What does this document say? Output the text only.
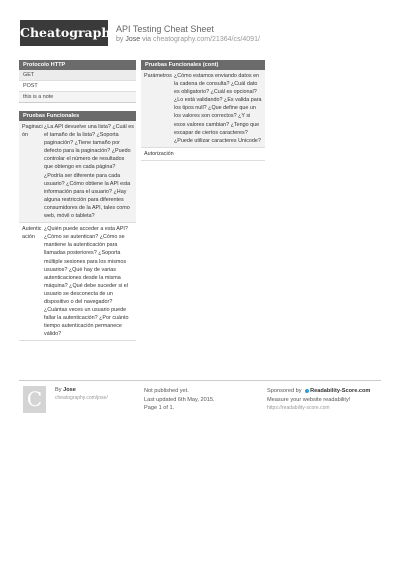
Cheatography
API Testing Cheat Sheet
by Jose via cheatography.com/21364/cs/4091/
Protocolo HTTP
GET
POST
this is a note
Pruebas Funcionales
Paginación
¿La API devuelve una lista? ¿Cuál es el tamaño de la lista? ¿Soporta paginación? ¿Tiene tamaño por defecto para la paginación? ¿Puedo controlar el número de resultados que obtengo en cada página? ¿Podría ser diferente para cada usuario? ¿Cómo obtiene la API esta información para el usuario? ¿Hay alguna restricción para diferentes consumidores de la API, tales como web, móvil o tableta?
Autenticación
¿Quién puede acceder a esta API? ¿Cómo se autentican? ¿Cómo se mantiene la autenticación para llamadas posteriores? ¿Soporta múltiple sesiones para los mismos usuarios? ¿Qué hay de varias autenticaciones desde la misma máquina? ¿Qué debe suceder si el usuario se desconecta de un dispositivo o del navegador? ¿Cuántas veces un usuario puede fallar la autenticación? ¿Por cuánto tiempo autenticación permanece válido?
Pruebas Funcionales (cont)
Parámetros ¿Cómo estamos enviando datos en la cadena de consulta? ¿Cuál dato es obligatorio? ¿Cuál es opcional? ¿Lo está validando? ¿Es valida para los tipos null? ¿Que define que un los valores son correctos? ¿Y si esos valores cambian? ¿Tengo que escapar de ciertos caracteres? ¿Puede utilizar caracteres Unicode?
Autorización
C	By Jose
cheatography.com/jose/
Not published yet.
Last updated 6th May, 2015.
Page 1 of 1.
Sponsored by Readability-Score.com
Measure your website readability!
https://readability-score.com
